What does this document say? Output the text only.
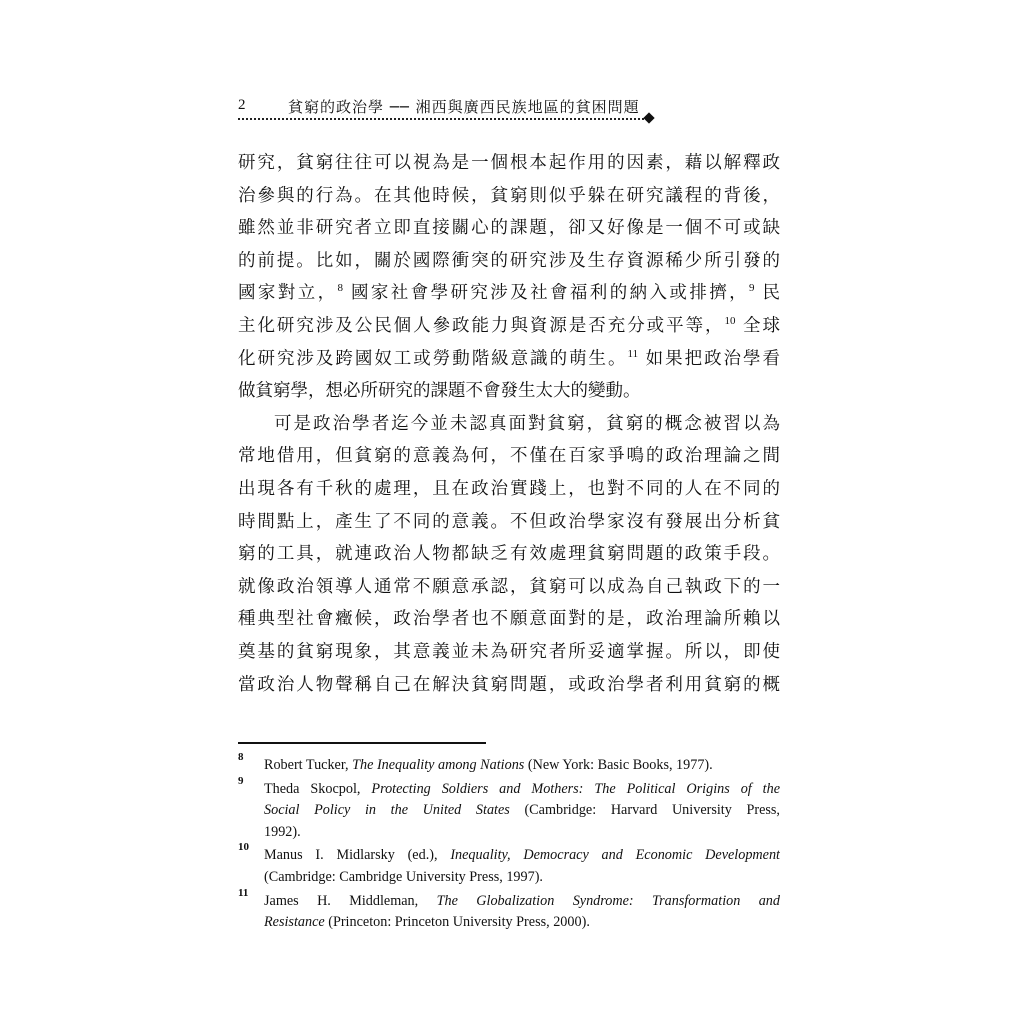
2	貧窮的政治學 ── 湘西與廣西民族地區的貧困問題
研究，貧窮往往可以視為是一個根本起作用的因素，藉以解釋政
治參與的行為。在其他時候，貧窮則似乎躲在研究議程的背後，
雖然並非研究者立即直接關心的課題，卻又好像是一個不可或缺
的前提。比如，關於國際衝突的研究涉及生存資源稀少所引發的
國家對立，$^8$ 國家社會學研究涉及社會福利的納入或排擠，$^9$ 民
主化研究涉及公民個人參政能力與資源是否充分或平等，$^{10}$ 全球
化研究涉及跨國奴工或勞動階級意識的萌生。$^{11}$ 如果把政治學看
做貧窮學，想必所研究的課題不會發生太大的變動。
可是政治學者迄今並未認真面對貧窮，貧窮的概念被習以為
常地借用，但貧窮的意義為何，不僅在百家爭鳴的政治理論之間
出現各有千秋的處理，且在政治實踐上，也對不同的人在不同的
時間點上，產生了不同的意義。不但政治學家沒有發展出分析貧
窮的工具，就連政治人物都缺乏有效處理貧窮問題的政策手段。
就像政治領導人通常不願意承認，貧窮可以成為自己執政下的一
種典型社會癥候，政治學者也不願意面對的是，政治理論所賴以
奠基的貧窮現象，其意義並未為研究者所妥適掌握。所以，即使
當政治人物聲稱自己在解決貧窮問題，或政治學者利用貧窮的概
8 Robert Tucker, The Inequality among Nations (New York: Basic Books, 1977).
9 Theda Skocpol, Protecting Soldiers and Mothers: The Political Origins of the
Social Policy in the United States (Cambridge: Harvard University Press,
1992).
10 Manus I. Midlarsky (ed.), Inequality, Democracy and Economic Development
(Cambridge: Cambridge University Press, 1997).
11 James H. Middleman, The Globalization Syndrome: Transformation and
Resistance (Princeton: Princeton University Press, 2000).
